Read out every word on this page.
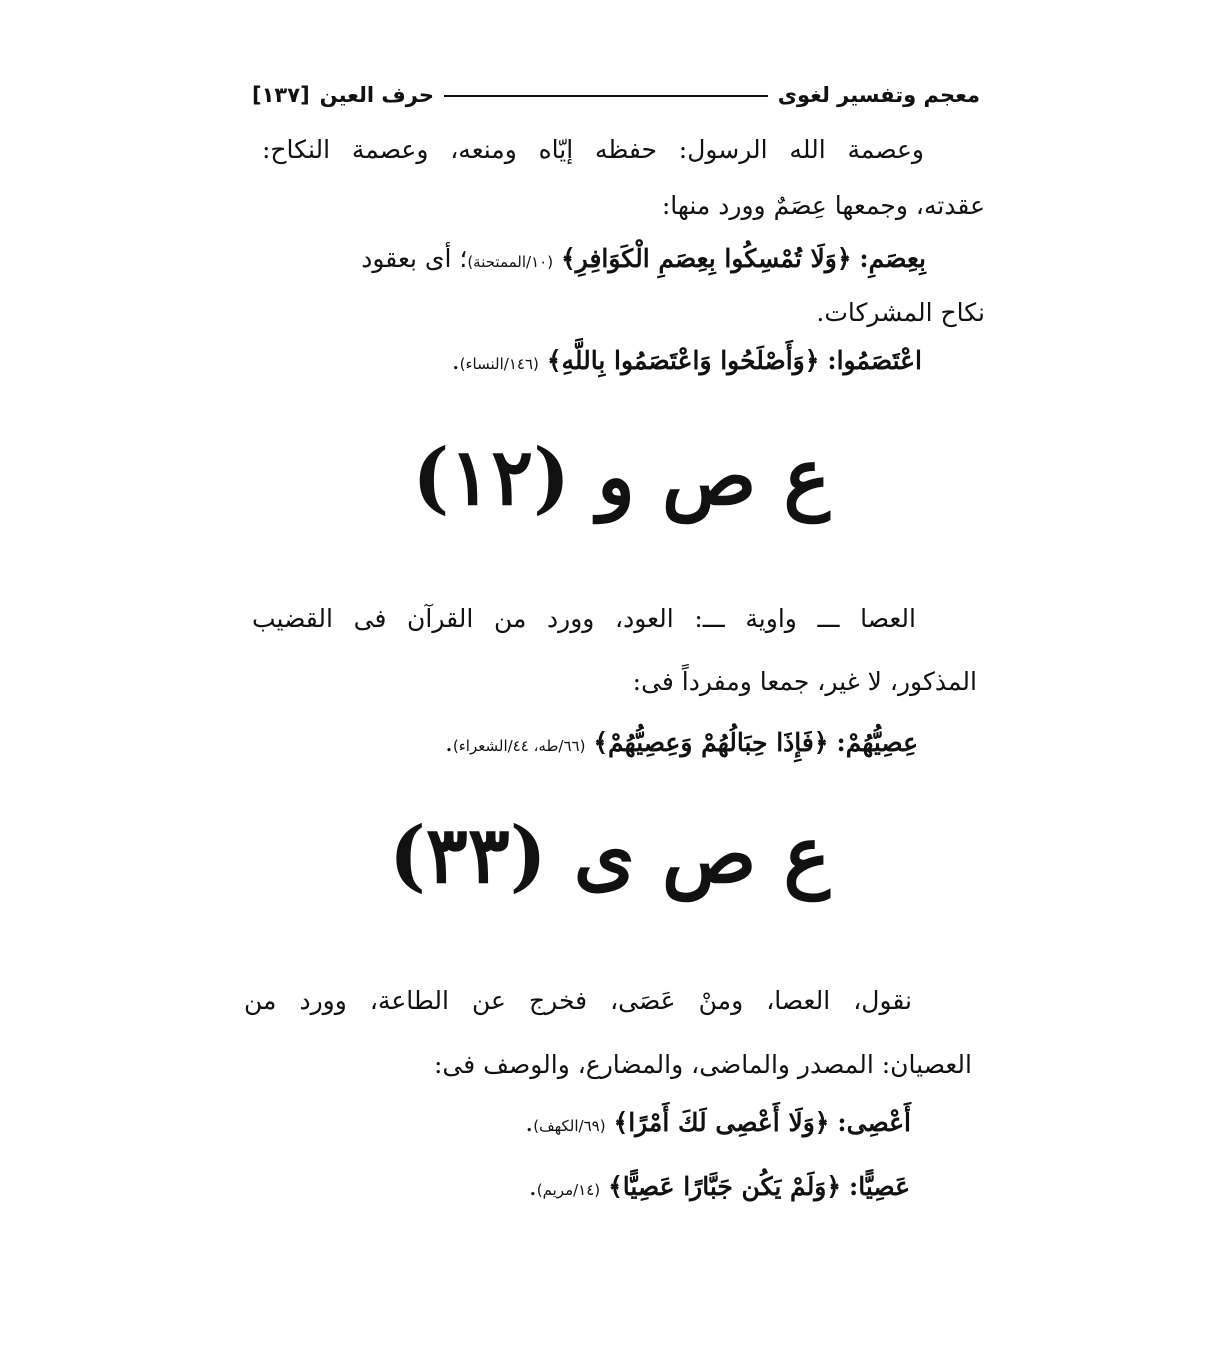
معجم وتفسير لغوى
حرف العين
[١٣٧]
وعصمة الله الرسول: حفظه إيّاه ومنعه، وعصمة النكاح:
عقدته، وجمعها عِصَمٌ وورد منها:
بِعِصَمِ: ﴿وَلَا تُمْسِكُوا بِعِصَمِ الْكَوَافِرِ﴾ (١٠/الممتحنة)؛ أى بعقود
نكاح المشركات.
اعْتَصَمُوا: ﴿وَأَصْلَحُوا وَاعْتَصَمُوا بِاللَّهِ﴾ (١٤٦/النساء).
ع ص و (١٢)
العصا ـــ واوية ـــ: العود، وورد من القرآن فى القضيب
المذكور، لا غير، جمعا ومفرداً فى:
عِصِيُّهُمْ: ﴿فَإِذَا حِبَالُهُمْ وَعِصِيُّهُمْ﴾ (٦٦/طه، ٤٤/الشعراء).
ع ص ى (٣٣)
نقول، العصا، ومنْ عَصَى، فخرج عن الطاعة، وورد من
العصيان: المصدر والماضى، والمضارع، والوصف فى:
أَعْصِى: ﴿وَلَا أَعْصِى لَكَ أَمْرًا﴾ (٦٩/الكهف).
عَصِيًّا: ﴿وَلَمْ يَكُن جَبَّارًا عَصِيًّا﴾ (١٤/مريم).
